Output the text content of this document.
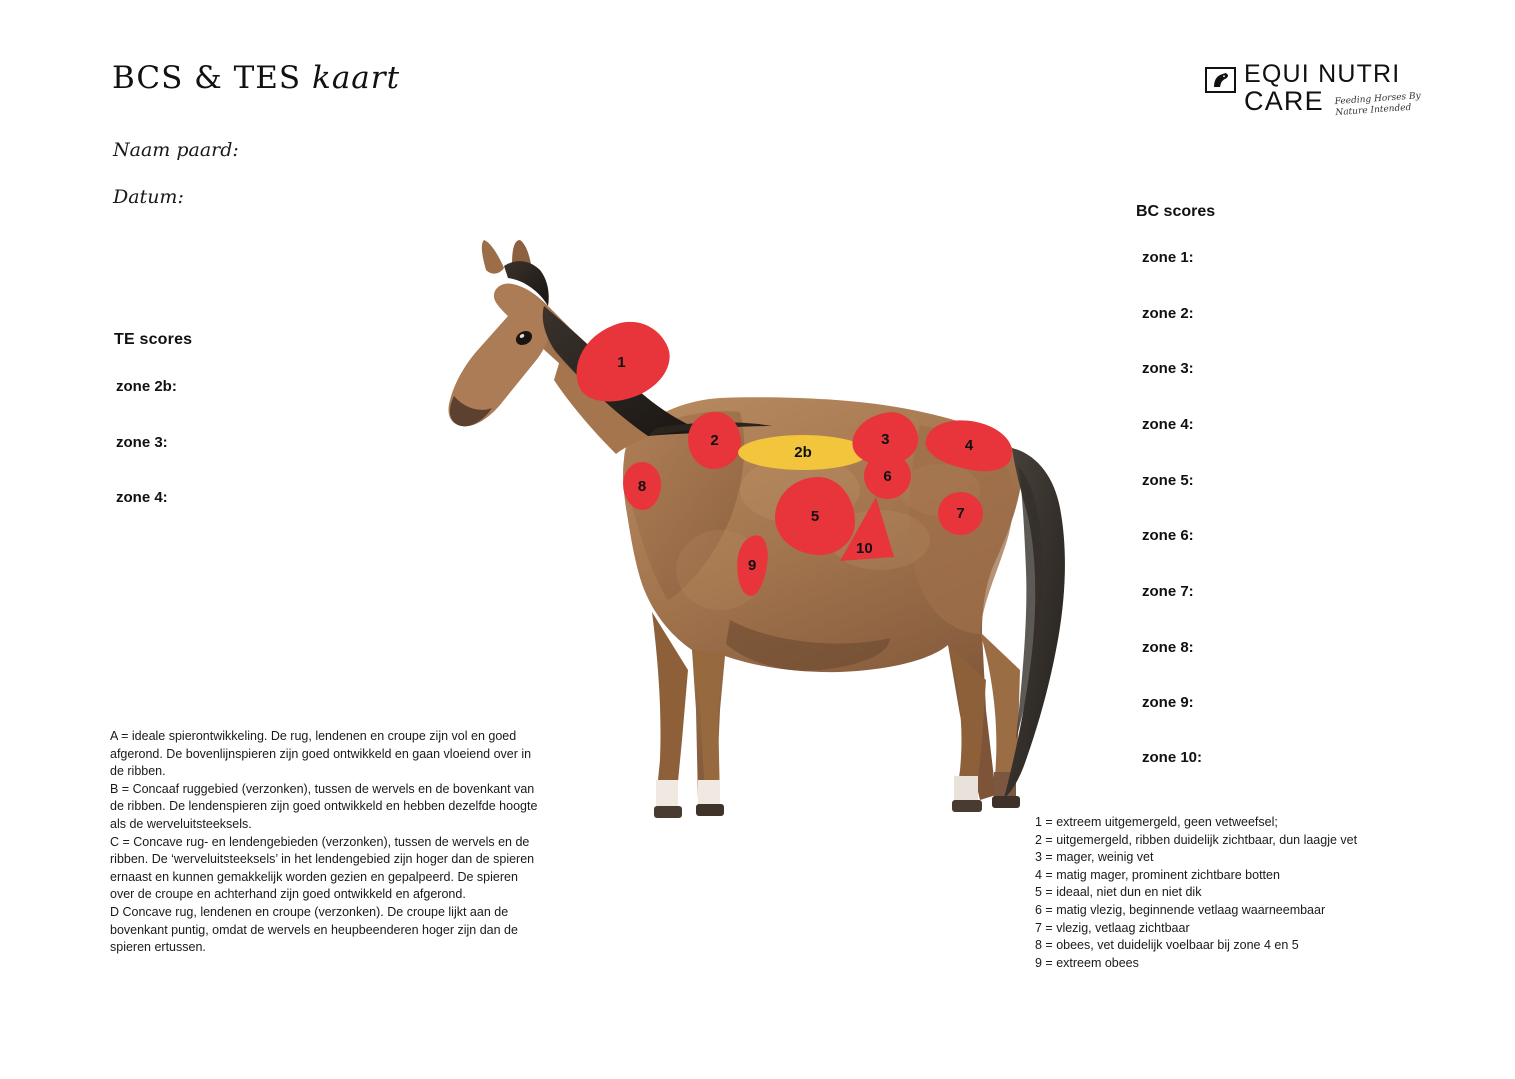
BCS & TES kaart
Naam paard:
Datum:
EQUI NUTRI
CARE Feeding Horses By Nature Intended
TE scores
zone 2b:
zone 3:
zone 4:
BC scores
zone 1:
zone 2:
zone 3:
zone 4:
zone 5:
zone 6:
zone 7:
zone 8:
zone 9:
zone 10:
1
2
2b
3	4
5
6
7
8
9
10

A = ideale spierontwikkeling. De rug, lendenen en croupe zijn vol en goed afgerond. De bovenlijnspieren zijn goed ontwikkeld en gaan vloeiend over in de ribben.

B = Concaaf ruggebied (verzonken), tussen de wervels en de bovenkant van de ribben. De lendenspieren zijn goed ontwikkeld en hebben dezelfde hoogte als de werveluitsteeksels.

C = Concave rug- en lendengebieden (verzonken), tussen de wervels en de ribben. De ‘werveluitsteeksels’ in het lendengebied zijn hoger dan de spieren ernaast en kunnen gemakkelijk worden gezien en gepalpeerd. De spieren over de croupe en achterhand zijn goed ontwikkeld en afgerond.

D Concave rug, lendenen en croupe (verzonken). De croupe lijkt aan de bovenkant puntig, omdat de wervels en heupbeenderen hoger zijn dan de spieren ertussen.

1 = extreem uitgemergeld, geen vetweefsel;

2 = uitgemergeld, ribben duidelijk zichtbaar, dun laagje vet

3 = mager, weinig vet

4 = matig mager, prominent zichtbare botten

5 = ideaal, niet dun en niet dik

6 = matig vlezig, beginnende vetlaag waarneembaar

7 = vlezig, vetlaag zichtbaar

8 = obees, vet duidelijk voelbaar bij zone 4 en 5

9 = extreem obees
